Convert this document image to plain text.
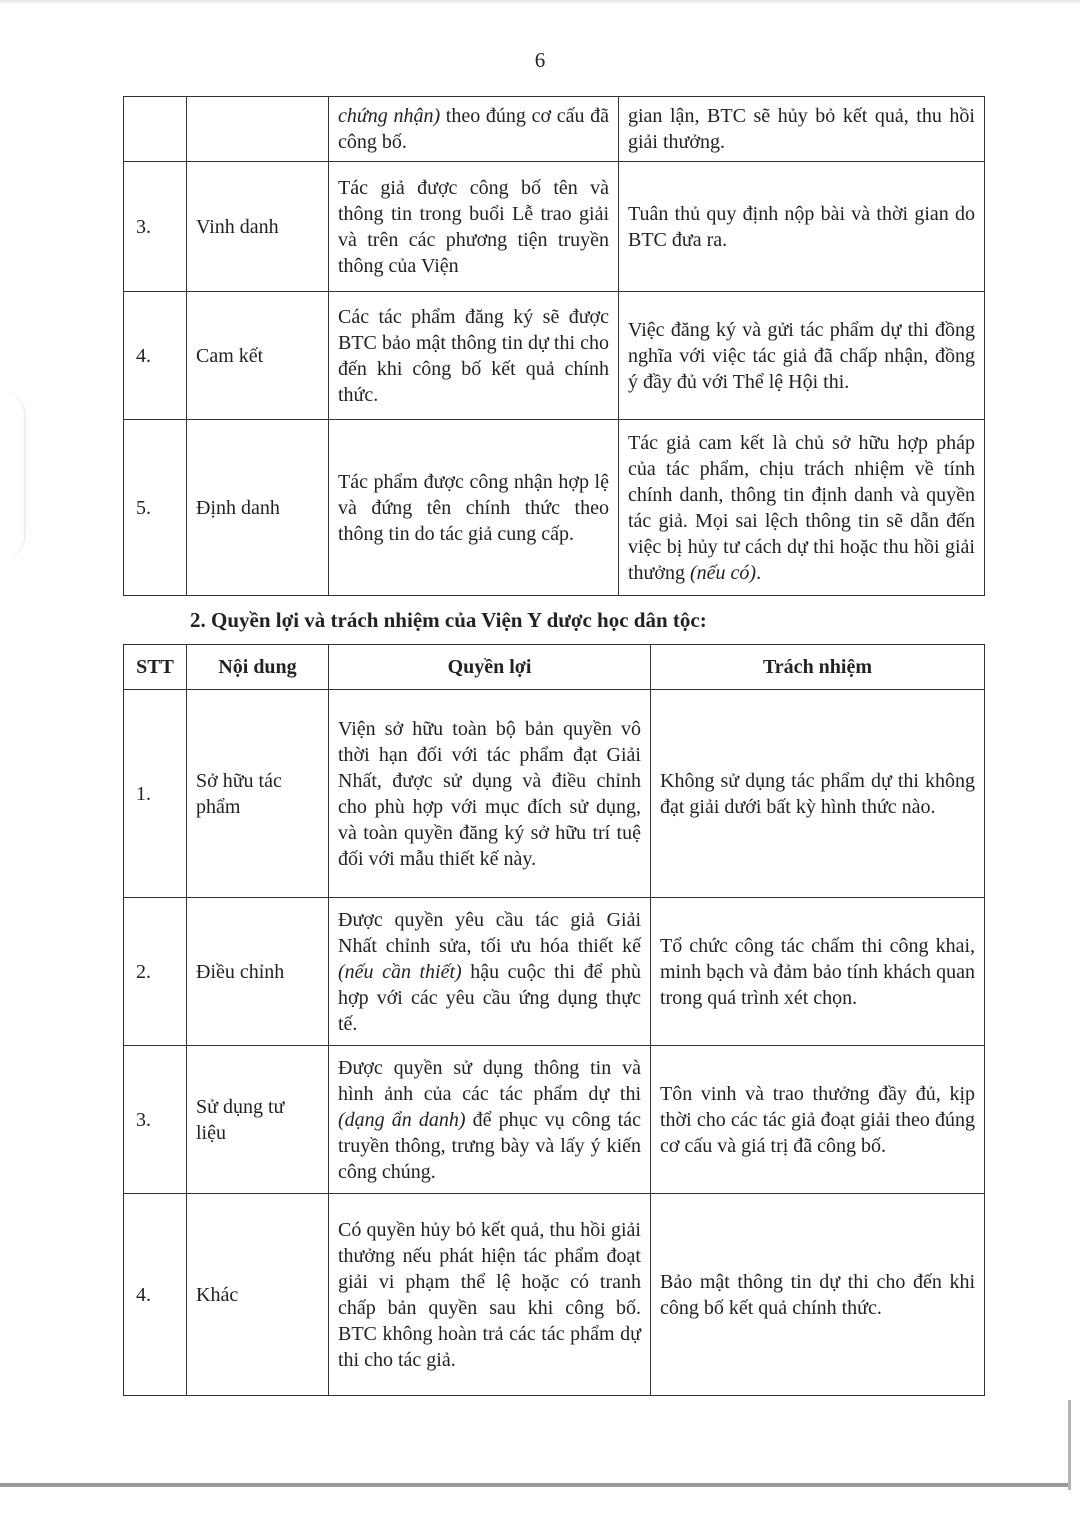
6
		chứng nhận) theo đúng cơ cấu đã công bố.	gian lận, BTC sẽ hủy bỏ kết quả, thu hồi giải thưởng.
3.	Vinh danh	Tác giả được công bố tên và thông tin trong buổi Lễ trao giải và trên các phương tiện truyền thông của Viện	Tuân thủ quy định nộp bài và thời gian do BTC đưa ra.
4.	Cam kết	Các tác phẩm đăng ký sẽ được BTC bảo mật thông tin dự thi cho đến khi công bố kết quả chính thức.	Việc đăng ký và gửi tác phẩm dự thi đồng nghĩa với việc tác giả đã chấp nhận, đồng ý đầy đủ với Thể lệ Hội thi.
5.	Định danh	Tác phẩm được công nhận hợp lệ và đứng tên chính thức theo thông tin do tác giả cung cấp.	Tác giả cam kết là chủ sở hữu hợp pháp của tác phẩm, chịu trách nhiệm về tính chính danh, thông tin định danh và quyền tác giả. Mọi sai lệch thông tin sẽ dẫn đến việc bị hủy tư cách dự thi hoặc thu hồi giải thưởng (nếu có).
2. Quyền lợi và trách nhiệm của Viện Y dược học dân tộc:
STT	Nội dung	Quyền lợi	Trách nhiệm
1.	Sở hữu tác phẩm	Viện sở hữu toàn bộ bản quyền vô thời hạn đối với tác phẩm đạt Giải Nhất, được sử dụng và điều chỉnh cho phù hợp với mục đích sử dụng, và toàn quyền đăng ký sở hữu trí tuệ đối với mẫu thiết kế này.	Không sử dụng tác phẩm dự thi không đạt giải dưới bất kỳ hình thức nào.
2.	Điều chỉnh	Được quyền yêu cầu tác giả Giải Nhất chỉnh sửa, tối ưu hóa thiết kế (nếu cần thiết) hậu cuộc thi để phù hợp với các yêu cầu ứng dụng thực tế.	Tổ chức công tác chấm thi công khai, minh bạch và đảm bảo tính khách quan trong quá trình xét chọn.
3.	Sử dụng tư liệu	Được quyền sử dụng thông tin và hình ảnh của các tác phẩm dự thi (dạng ẩn danh) để phục vụ công tác truyền thông, trưng bày và lấy ý kiến công chúng.	Tôn vinh và trao thưởng đầy đủ, kịp thời cho các tác giả đoạt giải theo đúng cơ cấu và giá trị đã công bố.
4.	Khác	Có quyền hủy bỏ kết quả, thu hồi giải thưởng nếu phát hiện tác phẩm đoạt giải vi phạm thể lệ hoặc có tranh chấp bản quyền sau khi công bố. BTC không hoàn trả các tác phẩm dự thi cho tác giả.	Bảo mật thông tin dự thi cho đến khi công bố kết quả chính thức.
